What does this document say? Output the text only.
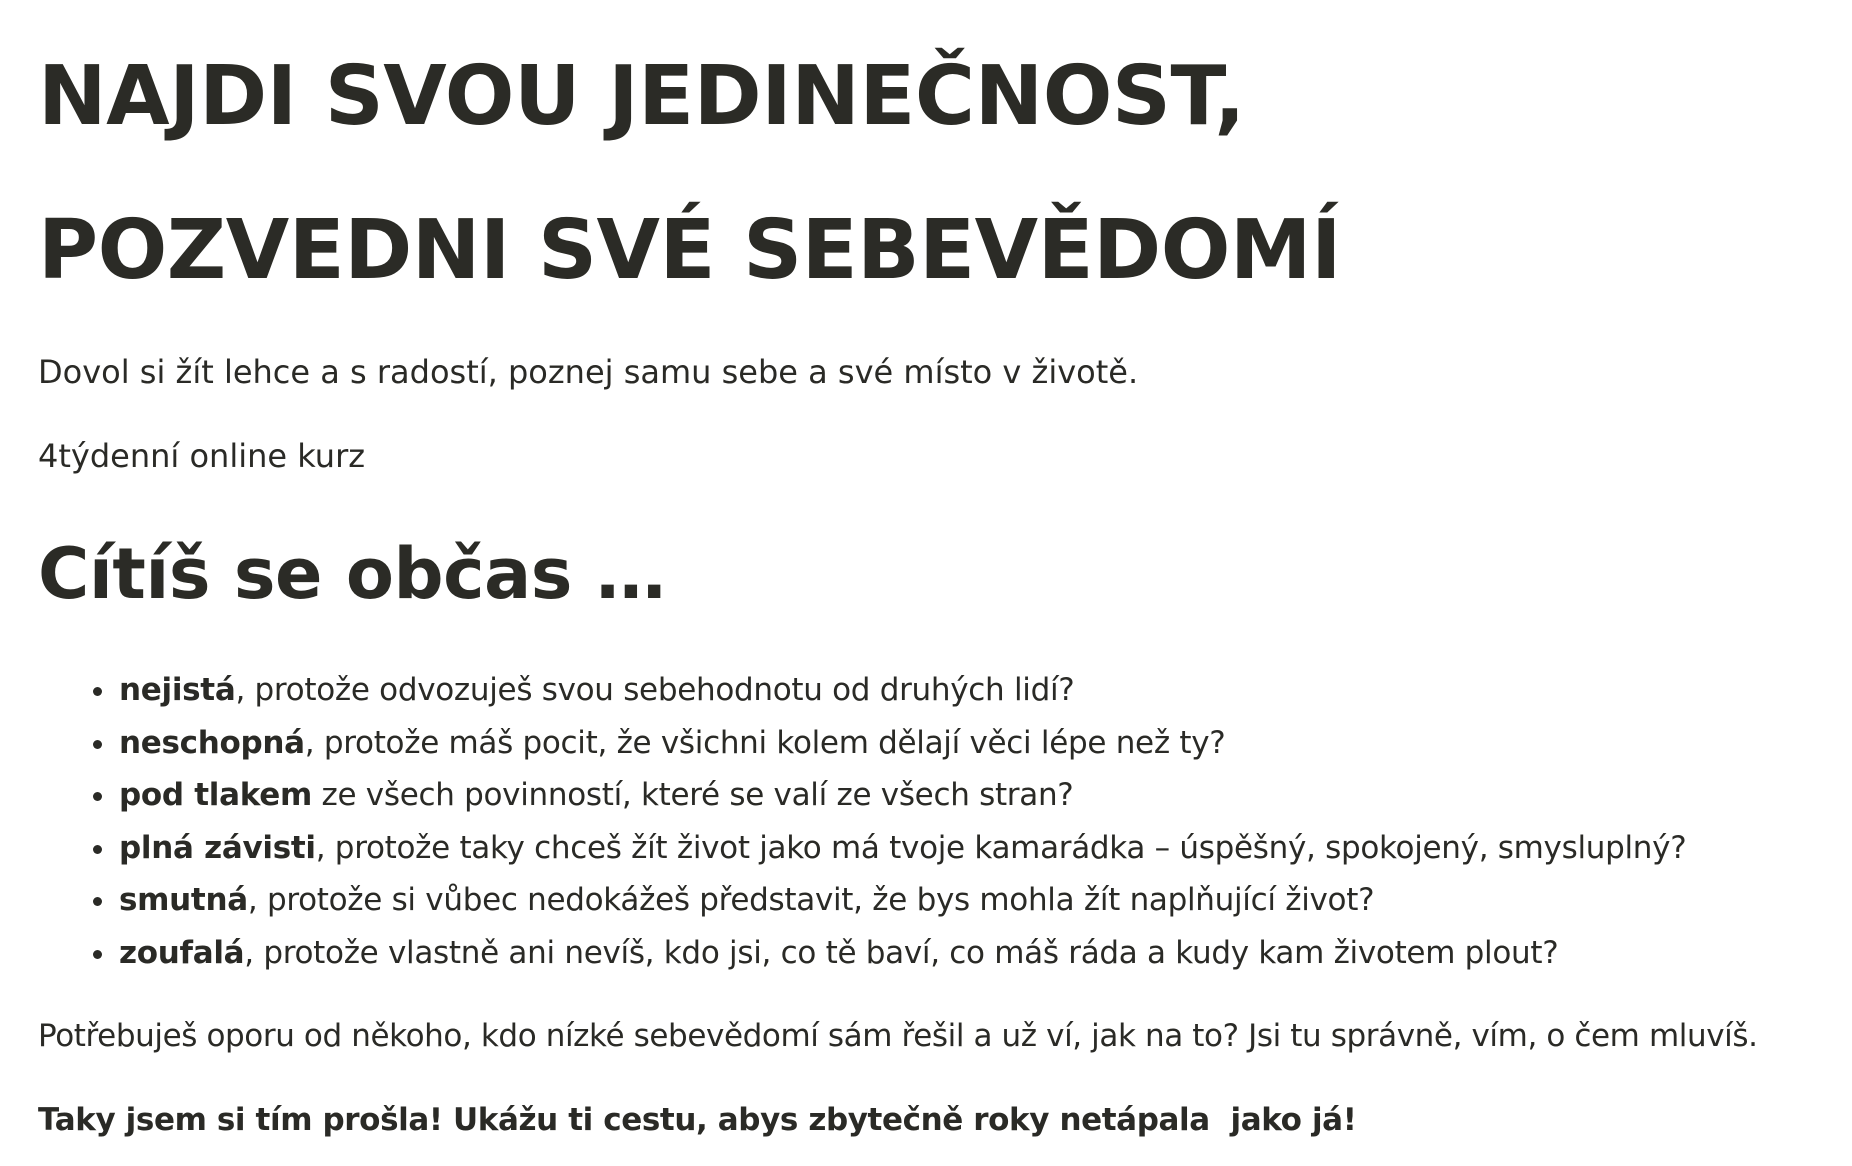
NAJDI SVOU JEDINEČNOST,
POZVEDNI SVÉ SEBEVĚDOMÍ

Dovol si žít lehce a s radostí, poznej samu sebe a své místo v životě.

4týdenní online kurz

Cítíš se občas …
nejistá, protože odvozuješ svou sebehodnotu od druhých lidí?
neschopná, protože máš pocit, že všichni kolem dělají věci lépe než ty?
pod tlakem ze všech povinností, které se valí ze všech stran?
plná závisti, protože taky chceš žít život jako má tvoje kamarádka – úspěšný, spokojený, smysluplný?
smutná, protože si vůbec nedokážeš představit, že bys mohla žít naplňující život?
zoufalá, protože vlastně ani nevíš, kdo jsi, co tě baví, co máš ráda a kudy kam životem plout?

Potřebuješ oporu od někoho, kdo nízké sebevědomí sám řešil a už ví, jak na to? Jsi tu správně, vím, o čem mluvíš.

Taky jsem si tím prošla! Ukážu ti cestu, abys zbytečně roky netápala  jako já!
